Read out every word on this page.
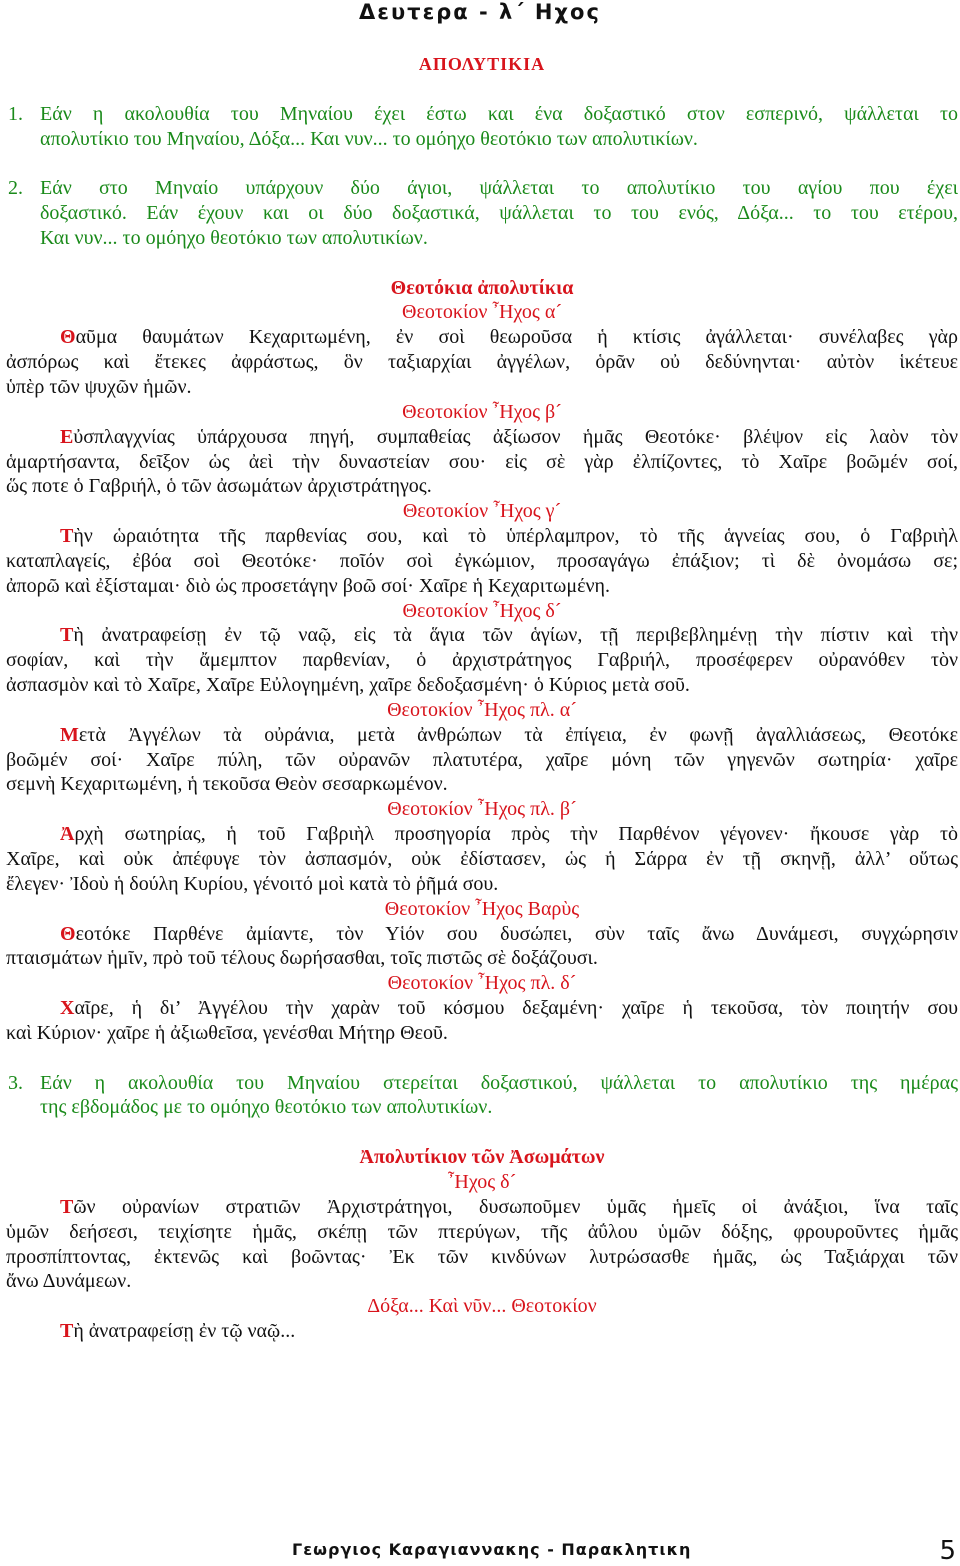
Δευτερα - λ΄ Ηχος
ΑΠΟΛΥΤΙΚΙΑ
1. Εάν η ακολουθία του Μηναίου έχει έστω και ένα δοξαστικό στον εσπερινό, ψάλλεται το
απολυτίκιο του Μηναίου, Δόξα... Και νυν... το ομόηχο θεοτόκιο των απολυτικίων.
2. Εάν στο Μηναίο υπάρχουν δύο άγιοι, ψάλλεται το απολυτίκιο του αγίου που έχει
δοξαστικό. Εάν έχουν και οι δύο δοξαστικά, ψάλλεται το του ενός, Δόξα... το του ετέρου,
Και νυν... το ομόηχο θεοτόκιο των απολυτικίων.
Θεοτόκια ἀπολυτίκια
Θεοτοκίον ῏Ηχος α´
Θαῦμα θαυμάτων Κεχαριτωμένη, ἐν σοὶ θεωροῦσα ἡ κτίσις ἀγάλλεται· συνέλαβες γὰρ
ἀσπόρως καὶ ἔτεκες ἀφράστως, ὃν ταξιαρχίαι ἀγγέλων, ὁρᾶν οὐ δεδύνηνται· αὐτὸν ἱκέτευε
ὑπὲρ τῶν ψυχῶν ἡμῶν.
Θεοτοκίον ῏Ηχος β´
Εὐσπλαγχνίας ὑπάρχουσα πηγή, συμπαθείας ἀξίωσον ἡμᾶς Θεοτόκε· βλέψον εἰς λαὸν τὸν
ἁμαρτήσαντα, δεῖξον ὡς ἀεὶ τὴν δυναστείαν σου· εἰς σὲ γὰρ ἐλπίζοντες, τὸ Χαῖρε βοῶμέν σοί,
ὥς ποτε ὁ Γαβριήλ, ὁ τῶν ἀσωμάτων ἀρχιστράτηγος.
Θεοτοκίον ῏Ηχος γ´
Τὴν ὡραιότητα τῆς παρθενίας σου, καὶ τὸ ὑπέρλαμπρον, τὸ τῆς ἁγνείας σου, ὁ Γαβριὴλ
καταπλαγείς, ἐβόα σοὶ Θεοτόκε· ποῖόν σοὶ ἐγκώμιον, προσαγάγω ἐπάξιον; τὶ δὲ ὀνομάσω σε;
ἀπορῶ καὶ ἐξίσταμαι· διὸ ὡς προσετάγην βοῶ σοί· Χαῖρε ἡ Κεχαριτωμένη.
Θεοτοκίον ῏Ηχος δ´
Τὴ ἀνατραφείσῃ ἐν τῷ ναῷ, εἰς τὰ ἅγια τῶν ἁγίων, τῇ περιβεβλημένῃ τὴν πίστιν καὶ τὴν
σοφίαν, καὶ τὴν ἄμεμπτον παρθενίαν, ὁ ἀρχιστράτηγος Γαβριήλ, προσέφερεν οὐρανόθεν τὸν
ἀσπασμὸν καὶ τὸ Χαῖρε, Χαῖρε Εὐλογημένη, χαῖρε δεδοξασμένη· ὁ Κύριος μετὰ σοῦ.
Θεοτοκίον ῏Ηχος πλ. α´
Μετὰ Ἀγγέλων τὰ οὐράνια, μετὰ ἀνθρώπων τὰ ἐπίγεια, ἐν φωνῇ ἀγαλλιάσεως, Θεοτόκε
βοῶμέν σοί· Χαῖρε πύλη, τῶν οὐρανῶν πλατυτέρα, χαῖρε μόνη τῶν γηγενῶν σωτηρία· χαῖρε
σεμνὴ Κεχαριτωμένη, ἡ τεκοῦσα Θεὸν σεσαρκωμένον.
Θεοτοκίον ῏Ηχος πλ. β´
Ἀρχὴ σωτηρίας, ἡ τοῦ Γαβριὴλ προσηγορία πρὸς τὴν Παρθένον γέγονεν· ἤκουσε γὰρ τὸ
Χαῖρε, καὶ οὐκ ἀπέφυγε τὸν ἀσπασμόν, οὐκ ἐδίστασεν, ὡς ἡ Σάρρα ἐν τῇ σκηνῇ, ἀλλ’ οὕτως
ἔλεγεν· Ἰδοὺ ἡ δούλη Κυρίου, γένοιτό μοὶ κατὰ τὸ ῥῆμά σου.
Θεοτοκίον ῏Ηχος Βαρὺς
Θεοτόκε Παρθένε ἀμίαντε, τὸν Υἱόν σου δυσώπει, σὺν ταῖς ἄνω Δυνάμεσι, συγχώρησιν
πταισμάτων ἡμῖν, πρὸ τοῦ τέλους δωρήσασθαι, τοῖς πιστῶς σὲ δοξάζουσι.
Θεοτοκίον ῏Ηχος πλ. δ´
Χαῖρε, ἡ δι’ Ἀγγέλου τὴν χαρὰν τοῦ κόσμου δεξαμένη· χαῖρε ἡ τεκοῦσα, τὸν ποιητήν σου
καὶ Κύριον· χαῖρε ἡ ἀξιωθεῖσα, γενέσθαι Μήτηρ Θεοῦ.
3. Εάν η ακολουθία του Μηναίου στερείται δοξαστικού, ψάλλεται το απολυτίκιο της ημέρας
της εβδομάδος με το ομόηχο θεοτόκιο των απολυτικίων.
Ἀπολυτίκιον τῶν Ἀσωμάτων
῏Ηχος δ´
Τῶν οὐρανίων στρατιῶν Ἀρχιστράτηγοι, δυσωποῦμεν ὑμᾶς ἡμεῖς οἱ ἀνάξιοι, ἵνα ταῖς
ὑμῶν δεήσεσι, τειχίσητε ἡμᾶς, σκέπῃ τῶν πτερύγων, τῆς ἀΰλου ὑμῶν δόξης, φρουροῦντες ἡμᾶς
προσπίπτοντας, ἐκτενῶς καὶ βοῶντας· Ἐκ τῶν κινδύνων λυτρώσασθε ἡμᾶς, ὡς Ταξιάρχαι τῶν
ἄνω Δυνάμεων.
Δόξα... Καὶ νῦν... Θεοτοκίον
Τὴ ἀνατραφείσῃ ἐν τῷ ναῷ...
Γεωργιος Καραγιαννακης - Παρακλητικη	5
